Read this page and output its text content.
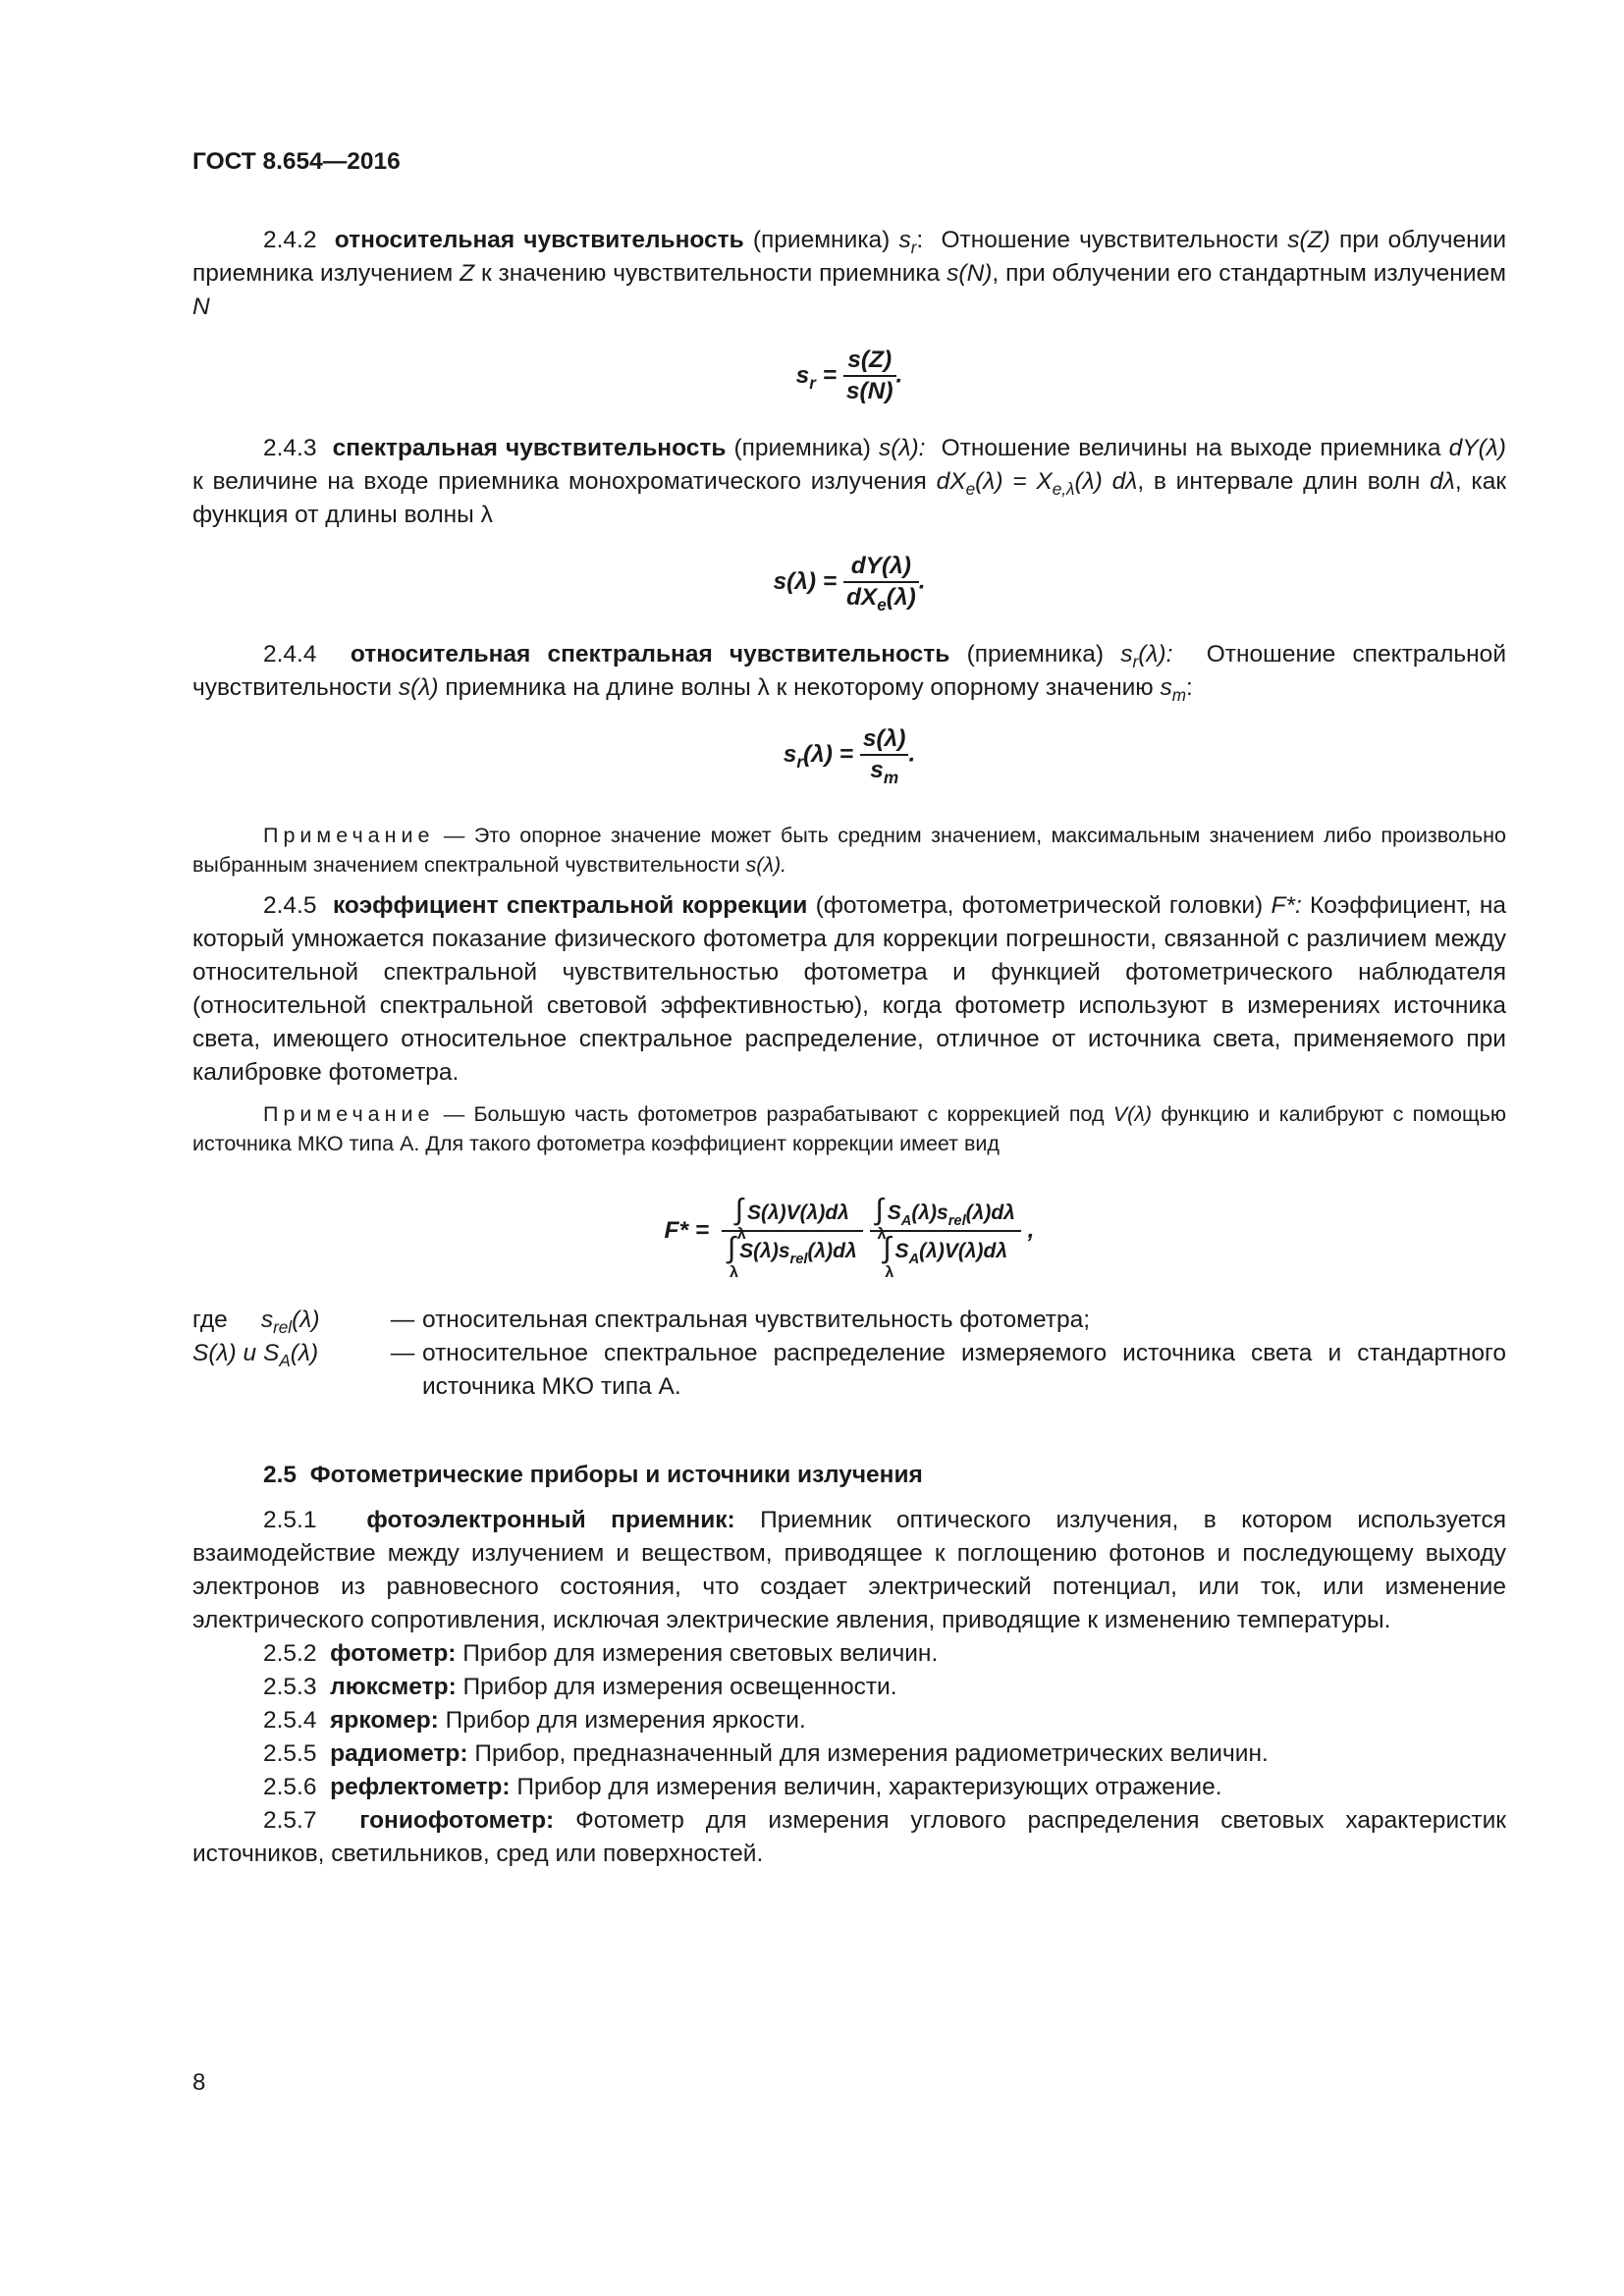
ГОСТ 8.654—2016

2.4.2 относительная чувствительность (приемника) $s_r$:  Отношение чувствительности s(Z) при облучении приемника излучением Z к значению чувствительности приемника s(N), при облучении его стандартным излучением N

$s_r = \frac{s(Z)}{s(N)}$ .

2.4.3 спектральная чувствительность (приемника) s(λ): Отношение величины на выходе приемника dY(λ) к величине на входе приемника монохроматического излучения $dX_e(\lambda) = X_{e,\lambda}(\lambda)$ dλ, в интервале длин волн dλ, как функция от длины волны λ

$s(\lambda) = \frac{dY(\lambda)}{dX_e(\lambda)}$ .

2.4.4 относительная спектральная чувствительность (приемника) $s_r(\lambda)$: Отношение спектральной чувствительности s(λ) приемника на длине волны λ к некоторому опорному значению $s_m$:

$s_r(\lambda) = \frac{s(\lambda)}{s_m}$ .

Примечание — Это опорное значение может быть средним значением, максимальным значением либо произвольно выбранным значением спектральной чувствительности s(λ).

2.4.5 коэффициент спектральной коррекции (фотометра, фотометрической головки) F*: Коэффициент, на который умножается показание физического фотометра для коррекции погрешности, связанной с различием между относительной спектральной чувствительностью фотометра и функцией фотометрического наблюдателя (относительной спектральной световой эффективностью), когда фотометр используют в измерениях источника света, имеющего относительное спектральное распределение, отличное от источника света, применяемого при калибровке фотометра.

Примечание — Большую часть фотометров разрабатывают с коррекцией под V(λ) функцию и калибруют с помощью источника МКО типа А. Для такого фотометра коэффициент коррекции имеет вид

F* =
∫
λ
S(λ)V(λ)dλ
∫
λ
$S(\lambda)s_{rel}(\lambda)d\lambda$

∫
λ
$S_A(\lambda)s_{rel}(\lambda)d\lambda$
∫
λ
$S_A(\lambda)V(\lambda)d\lambda$
,
где $s_{rel}(\lambda)$	—	относительная спектральная чувствительность фотометра;
S(λ) и $S_A(\lambda)$	—	относительное спектральное распределение измеряемого источника света и стандартного источника МКО типа А.
2.5 Фотометрические приборы и источники излучения

2.5.1 фотоэлектронный приемник: Приемник оптического излучения, в котором используется взаимодействие между излучением и веществом, приводящее к поглощению фотонов и последующему выходу электронов из равновесного состояния, что создает электрический потенциал, или ток, или изменение электрического сопротивления, исключая электрические явления, приводящие к изменению температуры.

2.5.2 фотометр: Прибор для измерения световых величин.

2.5.3 люксметр: Прибор для измерения освещенности.

2.5.4 яркомер: Прибор для измерения яркости.

2.5.5 радиометр: Прибор, предназначенный для измерения радиометрических величин.

2.5.6 рефлектометр: Прибор для измерения величин, характеризующих отражение.

2.5.7 гониофотометр: Фотометр для измерения углового распределения световых характеристик источников, светильников, сред или поверхностей.

8
